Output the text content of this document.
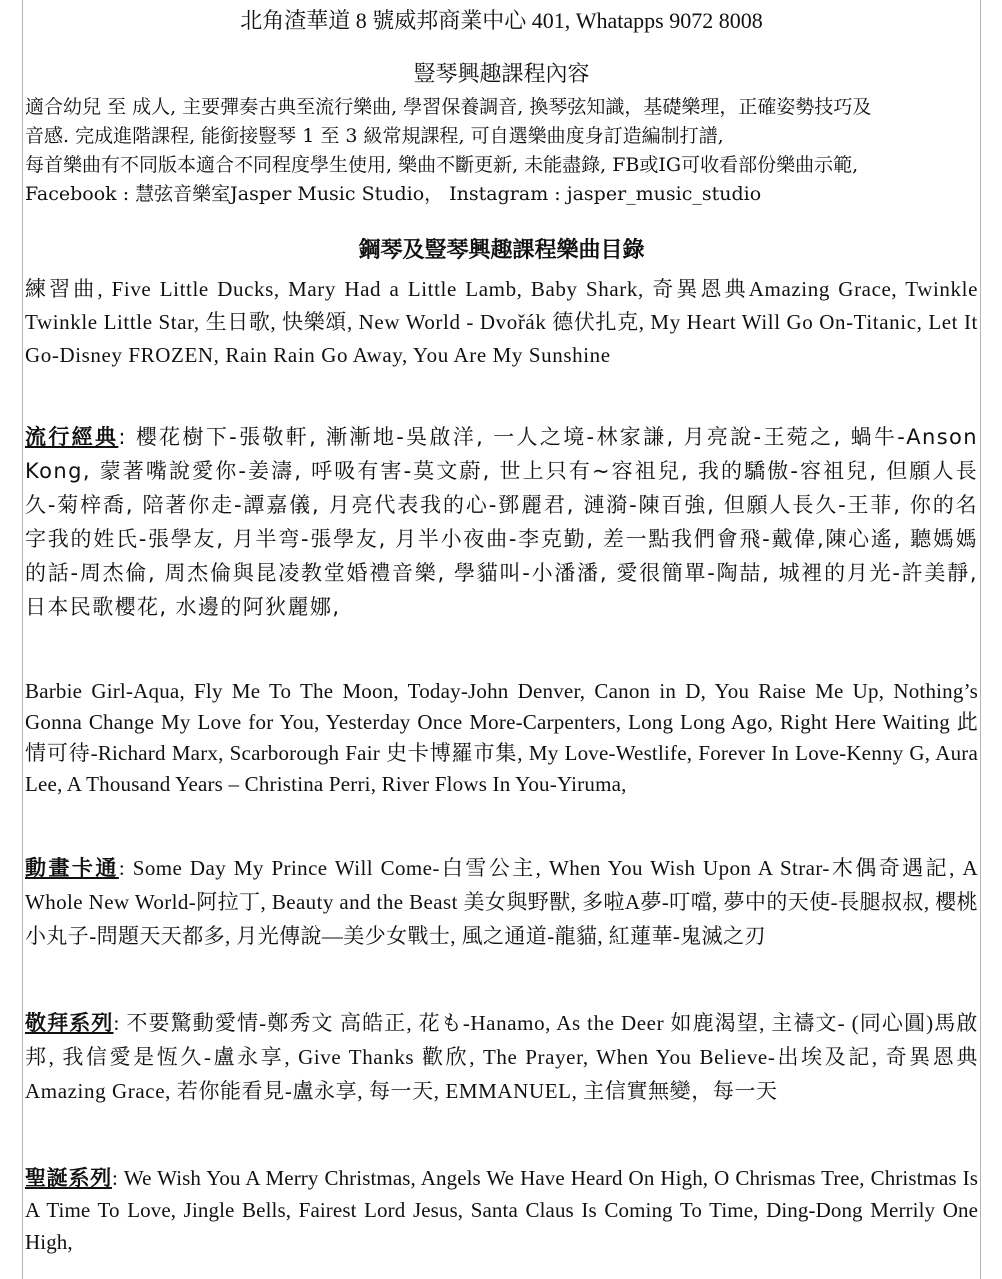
北角渣華道 8 號威邦商業中心 401, Whatapps 9072 8008
豎琴興趣課程內容

適合幼兒 至 成人, 主要彈奏古典至流行樂曲, 學習保養調音, 換琴弦知識，基礎樂理，正確姿勢技巧及

音感. 完成進階課程, 能銜接豎琴 1 至 3 級常規課程, 可自選樂曲度身訂造編制打譜,

每首樂曲有不同版本適合不同程度學生使用, 樂曲不斷更新, 未能盡錄, FB或IG可收看部份樂曲示範,

Facebook : 慧弦音樂室Jasper Music Studio， Instagram : jasper_music_studio

鋼琴及豎琴興趣課程樂曲目錄

練習曲, Five Little Ducks, Mary Had a Little Lamb, Baby Shark, 奇異恩典Amazing Grace, Twinkle Twinkle Little Star, 生日歌, 快樂頌, New World - Dvořák 德伏扎克, My Heart Will Go On-Titanic, Let It Go-Disney FROZEN, Rain Rain Go Away, You Are My Sunshine

流行經典: 櫻花樹下-張敬軒, 漸漸地-吳啟洋, 一人之境-林家謙, 月亮說-王菀之, 蝸牛-Anson Kong, 蒙著嘴說愛你-姜濤, 呼吸有害-莫文蔚, 世上只有~容祖兒, 我的驕傲-容祖兒, 但願人長久-菊梓喬, 陪著你走-譚嘉儀, 月亮代表我的心-鄧麗君, 漣漪-陳百強, 但願人長久-王菲, 你的名字我的姓氏-張學友, 月半弯-張學友, 月半小夜曲-李克勤, 差一點我們會飛-戴偉,陳心遙, 聽媽媽的話-周杰倫, 周杰倫與昆凌教堂婚禮音樂, 學貓叫-小潘潘, 愛很簡單-陶喆, 城裡的月光-許美靜, 日本民歌櫻花, 水邊的阿狄麗娜,

Barbie Girl-Aqua, Fly Me To The Moon, Today-John Denver, Canon in D, You Raise Me Up, Nothing’s Gonna Change My Love for You, Yesterday Once More-Carpenters, Long Long Ago, Right Here Waiting 此情可待-Richard Marx, Scarborough Fair 史卡博羅市集, My Love-Westlife, Forever In Love-Kenny G, Aura Lee, A Thousand Years – Christina Perri, River Flows In You-Yiruma,

動畫卡通: Some Day My Prince Will Come-白雪公主, When You Wish Upon A Strar-木偶奇遇記, A Whole New World-阿拉丁, Beauty and the Beast 美女與野獸, 多啦A夢-叮噹, 夢中的天使-長腿叔叔, 櫻桃小丸子-問題天天都多, 月光傳說—美少女戰士, 風之通道-龍貓, 紅蓮華-鬼滅之刃

敬拜系列: 不要驚動愛情-鄭秀文 高皓正, 花も-Hanamo, As the Deer 如鹿渴望, 主禱文- (同心圓)馬啟邦, 我信愛是恆久-盧永享, Give Thanks 歡欣, The Prayer, When You Believe-出埃及記, 奇異恩典 Amazing Grace, 若你能看見-盧永享, 每一天, EMMANUEL, 主信實無變，每一天

聖誕系列: We Wish You A Merry Christmas, Angels We Have Heard On High, O Chrismas Tree, Christmas Is A Time To Love, Jingle Bells, Fairest Lord Jesus, Santa Claus Is Coming To Time, Ding-Dong Merrily One High,
